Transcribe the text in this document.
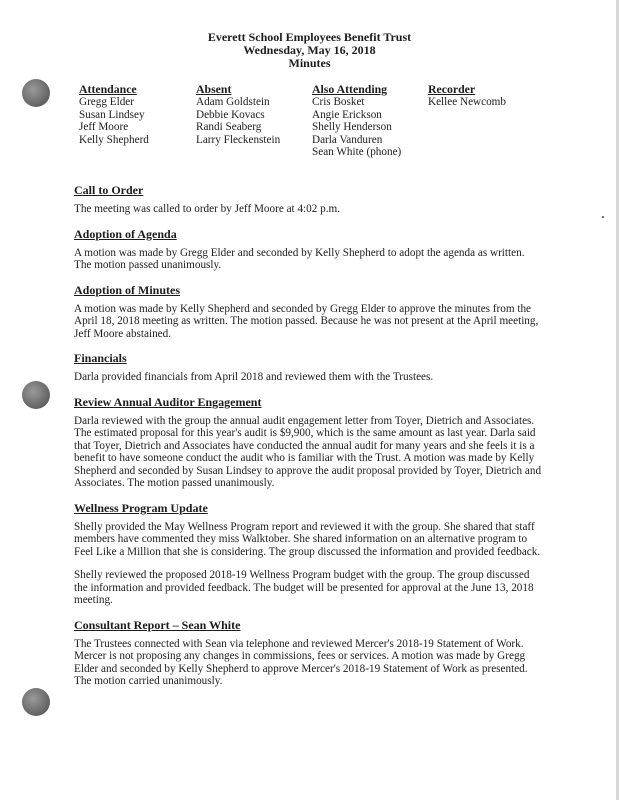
Everett School Employees Benefit Trust
Wednesday, May 16, 2018
Minutes
Attendance
Gregg Elder
Susan Lindsey
Jeff Moore
Kelly Shepherd
Absent
Adam Goldstein
Debbie Kovacs
Randi Seaberg
Larry Fleckenstein
Also Attending
Cris Bosket
Angie Erickson
Shelly Henderson
Darla Vanduren
Sean White (phone)
Recorder
Kellee Newcomb
Call to Order

The meeting was called to order by Jeff Moore at 4:02 p.m.

Adoption of Agenda

A motion was made by Gregg Elder and seconded by Kelly Shepherd to adopt the agenda as written. The motion passed unanimously.

Adoption of Minutes

A motion was made by Kelly Shepherd and seconded by Gregg Elder to approve the minutes from the April 18, 2018 meeting as written. The motion passed. Because he was not present at the April meeting, Jeff Moore abstained.

Financials

Darla provided financials from April 2018 and reviewed them with the Trustees.

Review Annual Auditor Engagement

Darla reviewed with the group the annual audit engagement letter from Toyer, Dietrich and Associates. The estimated proposal for this year's audit is $9,900, which is the same amount as last year. Darla said that Toyer, Dietrich and Associates have conducted the annual audit for many years and she feels it is a benefit to have someone conduct the audit who is familiar with the Trust. A motion was made by Kelly Shepherd and seconded by Susan Lindsey to approve the audit proposal provided by Toyer, Dietrich and Associates. The motion passed unanimously.

Wellness Program Update

Shelly provided the May Wellness Program report and reviewed it with the group. She shared that staff members have commented they miss Walktober. She shared information on an alternative program to Feel Like a Million that she is considering. The group discussed the information and provided feedback.

Shelly reviewed the proposed 2018-19 Wellness Program budget with the group. The group discussed the information and provided feedback. The budget will be presented for approval at the June 13, 2018 meeting.

Consultant Report – Sean White

The Trustees connected with Sean via telephone and reviewed Mercer's 2018-19 Statement of Work. Mercer is not proposing any changes in commissions, fees or services. A motion was made by Gregg Elder and seconded by Kelly Shepherd to approve Mercer's 2018-19 Statement of Work as presented. The motion carried unanimously.
